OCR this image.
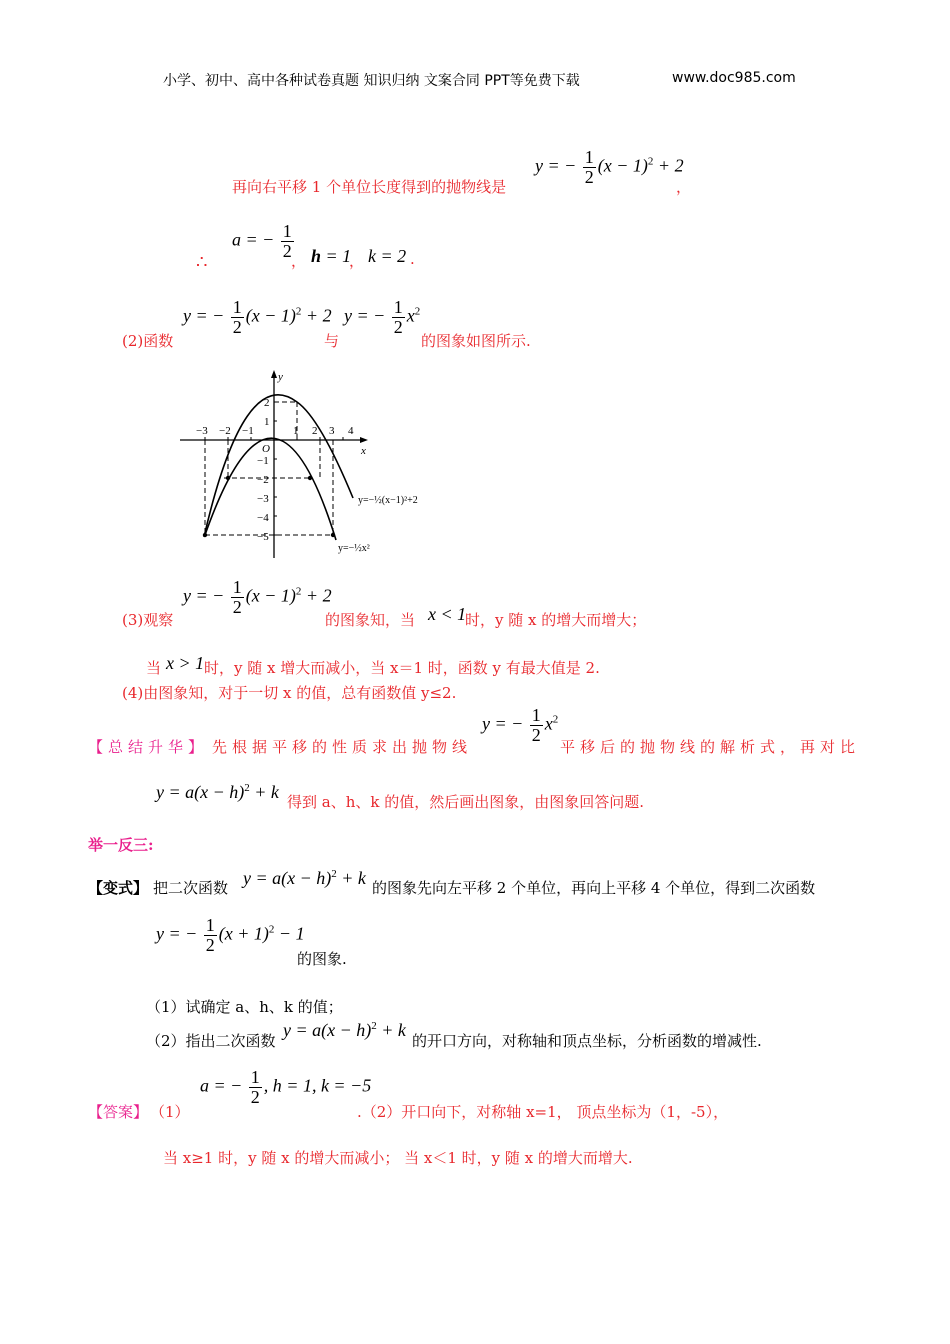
小学、初中、高中各种试卷真题 知识归纳 文案合同 PPT等免费下载	www.doc985.com
再向右平移 1 个单位长度得到的抛物线是
y = − $\frac{1}{2} (x - 1)^2 + 2$
，
∴
a = − $\frac{1}{2}$
， h = 1
， k = 2 .
(2)函数
y = − $\frac{1}{2} (x - 1)^2 + 2$
与
y = − $\frac{1}{2} x^2$
的图象如图所示.
−3 −2 −1	1 2 3 4
2
1
−1
−2
−3
−4
−5
x
y
O
y=−½(x−1)²+2
y=−½x²
(3)观察
y = − $\frac{1}{2} (x - 1)^2 + 2$
的图象知，当 x < 1
时，y 随 x 的增大而增大；
当 x > 1 时，y 随 x 增大而减小，当 x＝1 时，函数 y 有最大值是 2.
(4)由图象知，对于一切 x 的值，总有函数值 y≤2.
【总结升华】 先根据平移的性质求出抛物线
y = − $\frac{1}{2} x^2$
平移后的抛物线的解析式，再对比
$y = a(x - h)^2 + k$ 得到 a、h、k 的值，然后画出图象，由图象回答问题.
举一反三:
【变式】 把二次函数 $y = a(x - h)^2 + k$ 的图象先向左平移 2 个单位，再向上平移 4 个单位，得到二次函数
y = − $\frac{1}{2} (x + 1)^2 - 1$
的图象.
（1）试确定 a、h、k 的值；
（2）指出二次函数
$y = a(x - h)^2 + k$
的开口方向，对称轴和顶点坐标，分析函数的增减性.
【答案】 （1）
a = − $\frac{1}{2}$ , h = 1, k = −5
.（2）开口向下，对称轴 x=1， 顶点坐标为（1，-5），
当 x≥1 时，y 随 x 的增大而减小； 当 x＜1 时，y 随 x 的增大而增大.
